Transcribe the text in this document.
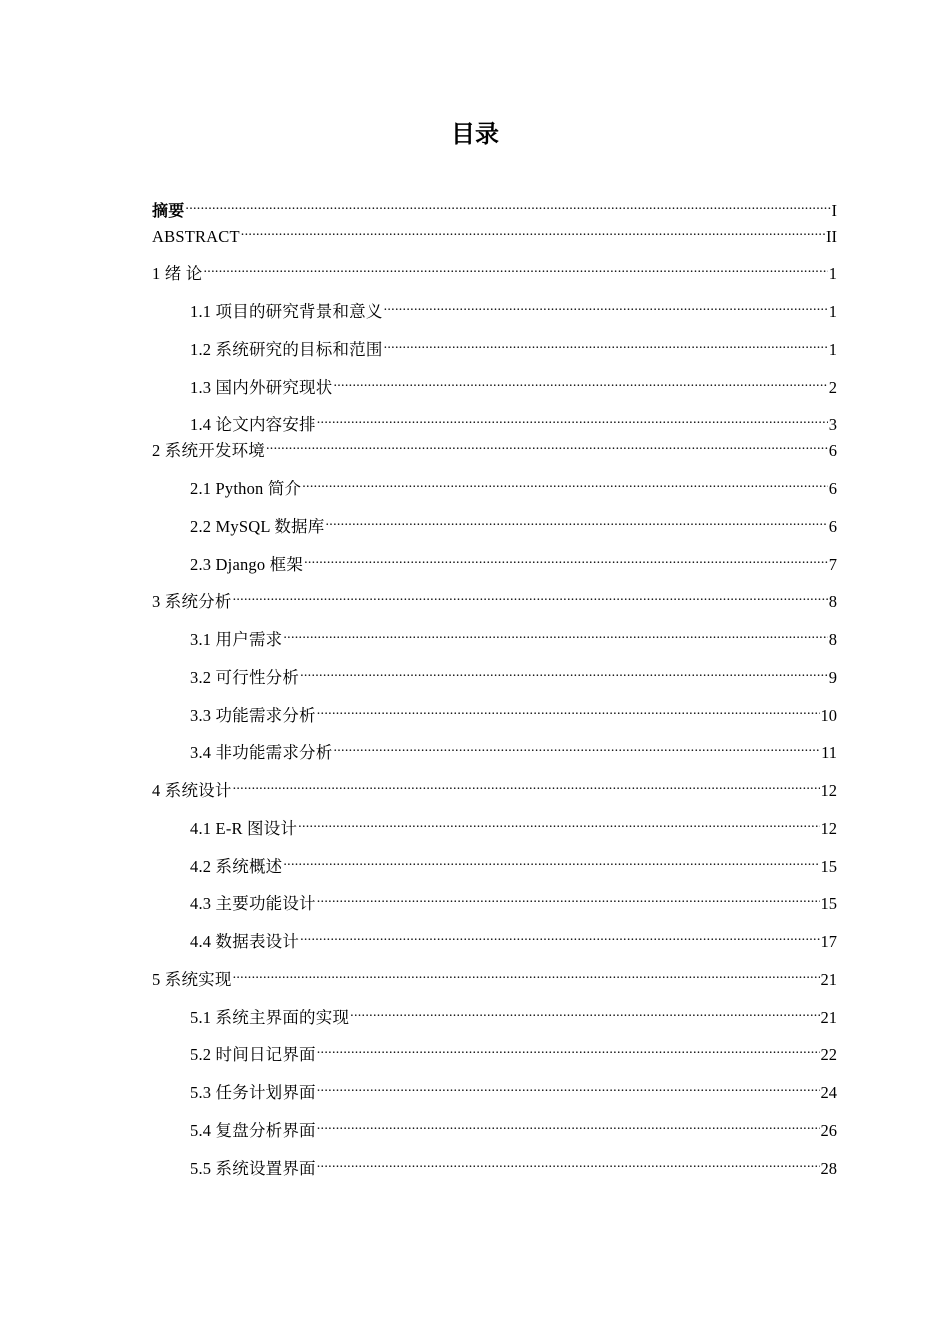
目录
摘要 .....	I
ABSTRACT .....	II
1 绪 论 .....	1
1.1 项目的研究背景和意义 .....	1
1.2 系统研究的目标和范围 .....	1
1.3 国内外研究现状 .....	2
1.4 论文内容安排 .....	3
2 系统开发环境 .....	6
2.1 Python 简介 .....	6
2.2 MySQL 数据库 .....	6
2.3 Django 框架 .....	7
3 系统分析 .....	8
3.1 用户需求 .....	8
3.2 可行性分析 .....	9
3.3 功能需求分析 .....	10
3.4 非功能需求分析 .....	11
4 系统设计 .....	12
4.1 E-R 图设计 .....	12
4.2 系统概述 .....	15
4.3 主要功能设计 .....	15
4.4 数据表设计 .....	17
5 系统实现 .....	21
5.1 系统主界面的实现 .....	21
5.2 时间日记界面 .....	22
5.3 任务计划界面 .....	24
5.4 复盘分析界面 .....	26
5.5 系统设置界面 .....	28
